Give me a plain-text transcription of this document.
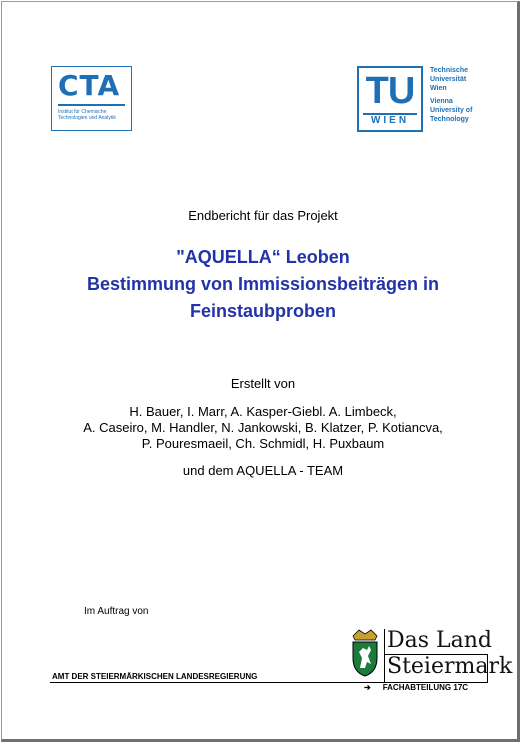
CTA
Institut für Chemische Technologien und Analytik
TU
WIEN
Technische
Universität
Wien
Vienna
University of
Technology
Endbericht für das Projekt
"AQUELLA“ Leoben
Bestimmung von Immissionsbeiträgen in
Feinstaubproben
Erstellt von
H. Bauer, I. Marr, A. Kasper-Giebl. A. Limbeck,
A. Caseiro, M. Handler, N. Jankowski, B. Klatzer, P. Kotiancva,
P. Pouresmaeil, Ch. Schmidl, H. Puxbaum
und dem AQUELLA - TEAM
Im Auftrag von
Das Land
Steiermark
AMT DER STEIERMÄRKISCHEN LANDESREGIERUNG
➔ FACHABTEILUNG 17C
